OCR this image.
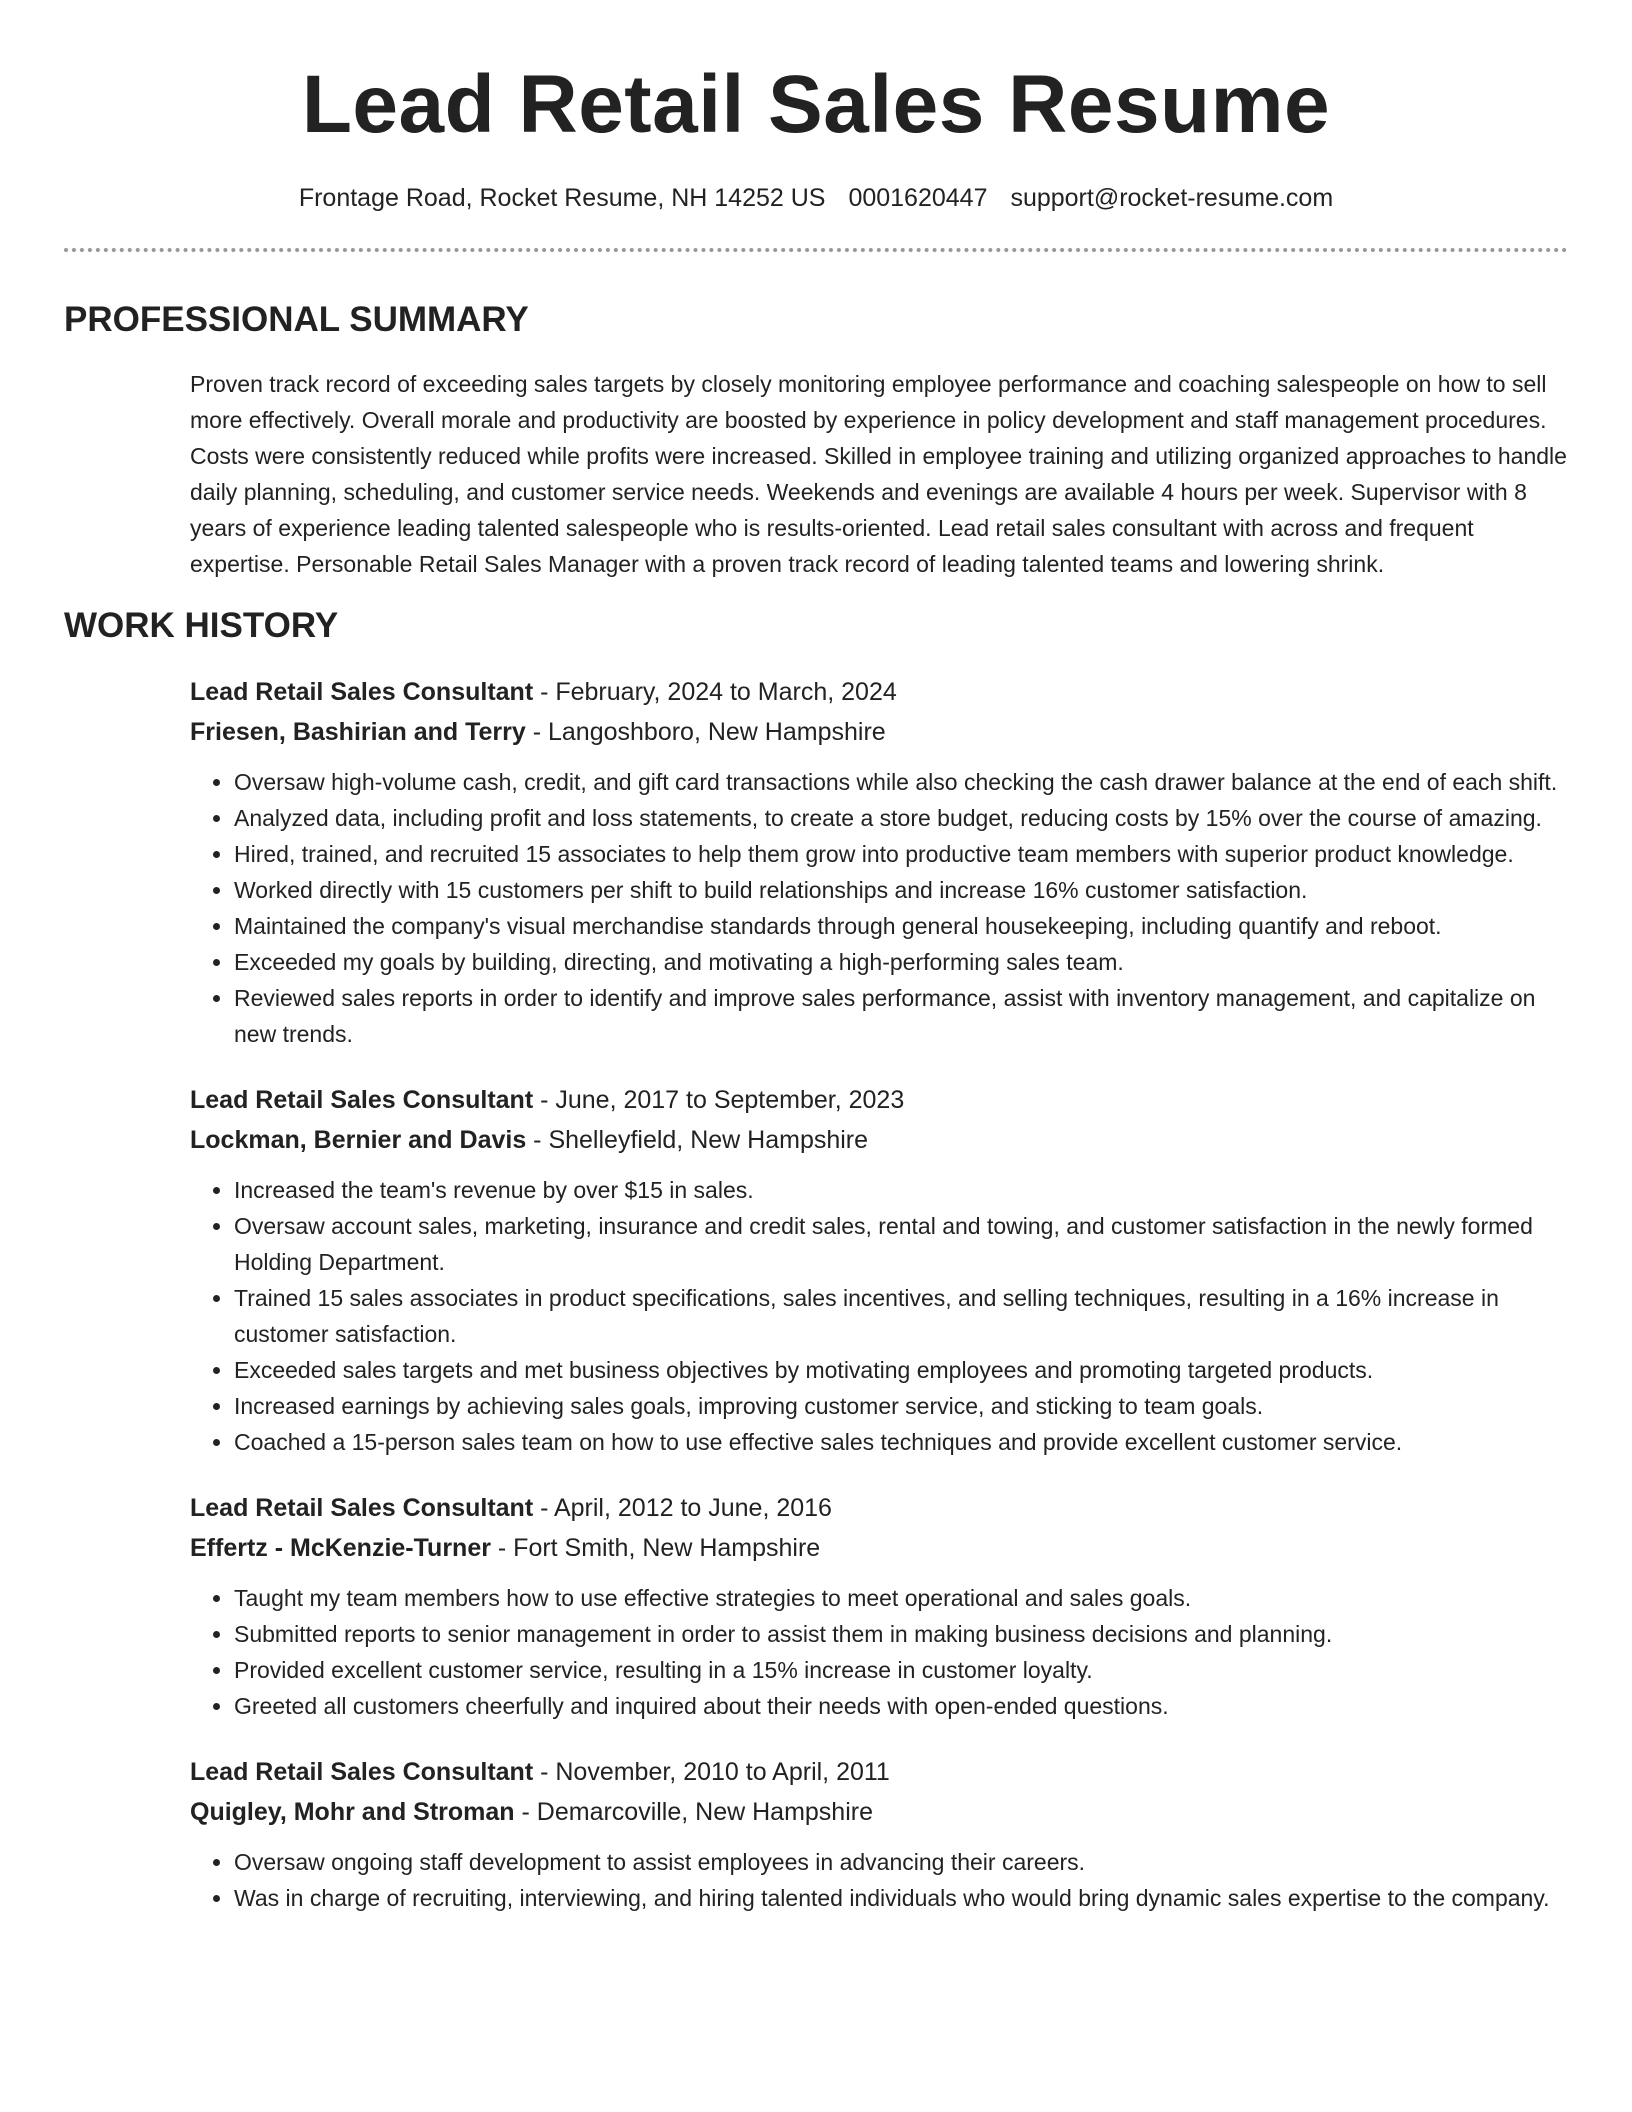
Lead Retail Sales Resume
Frontage Road, Rocket Resume, NH 14252 US 0001620447 support@rocket-resume.com
PROFESSIONAL SUMMARY

Proven track record of exceeding sales targets by closely monitoring employee performance and coaching salespeople on how to sell more effectively. Overall morale and productivity are boosted by experience in policy development and staff management procedures. Costs were consistently reduced while profits were increased. Skilled in employee training and utilizing organized approaches to handle daily planning, scheduling, and customer service needs. Weekends and evenings are available 4 hours per week. Supervisor with 8 years of experience leading talented salespeople who is results-oriented. Lead retail sales consultant with across and frequent expertise. Personable Retail Sales Manager with a proven track record of leading talented teams and lowering shrink.

WORK HISTORY
Lead Retail Sales Consultant - February, 2024 to March, 2024
Friesen, Bashirian and Terry - Langoshboro, New Hampshire
• Oversaw high-volume cash, credit, and gift card transactions while also checking the cash drawer balance at the end of each shift.
• Analyzed data, including profit and loss statements, to create a store budget, reducing costs by 15% over the course of amazing.
• Hired, trained, and recruited 15 associates to help them grow into productive team members with superior product knowledge.
• Worked directly with 15 customers per shift to build relationships and increase 16% customer satisfaction.
• Maintained the company's visual merchandise standards through general housekeeping, including quantify and reboot.
• Exceeded my goals by building, directing, and motivating a high-performing sales team.
• Reviewed sales reports in order to identify and improve sales performance, assist with inventory management, and capitalize on new trends.
Lead Retail Sales Consultant - June, 2017 to September, 2023
Lockman, Bernier and Davis - Shelleyfield, New Hampshire
• Increased the team's revenue by over $15 in sales.
• Oversaw account sales, marketing, insurance and credit sales, rental and towing, and customer satisfaction in the newly formed Holding Department.
• Trained 15 sales associates in product specifications, sales incentives, and selling techniques, resulting in a 16% increase in customer satisfaction.
• Exceeded sales targets and met business objectives by motivating employees and promoting targeted products.
• Increased earnings by achieving sales goals, improving customer service, and sticking to team goals.
• Coached a 15-person sales team on how to use effective sales techniques and provide excellent customer service.
Lead Retail Sales Consultant - April, 2012 to June, 2016
Effertz - McKenzie-Turner - Fort Smith, New Hampshire
• Taught my team members how to use effective strategies to meet operational and sales goals.
• Submitted reports to senior management in order to assist them in making business decisions and planning.
• Provided excellent customer service, resulting in a 15% increase in customer loyalty.
• Greeted all customers cheerfully and inquired about their needs with open-ended questions.
Lead Retail Sales Consultant - November, 2010 to April, 2011
Quigley, Mohr and Stroman - Demarcoville, New Hampshire
• Oversaw ongoing staff development to assist employees in advancing their careers.
• Was in charge of recruiting, interviewing, and hiring talented individuals who would bring dynamic sales expertise to the company.
